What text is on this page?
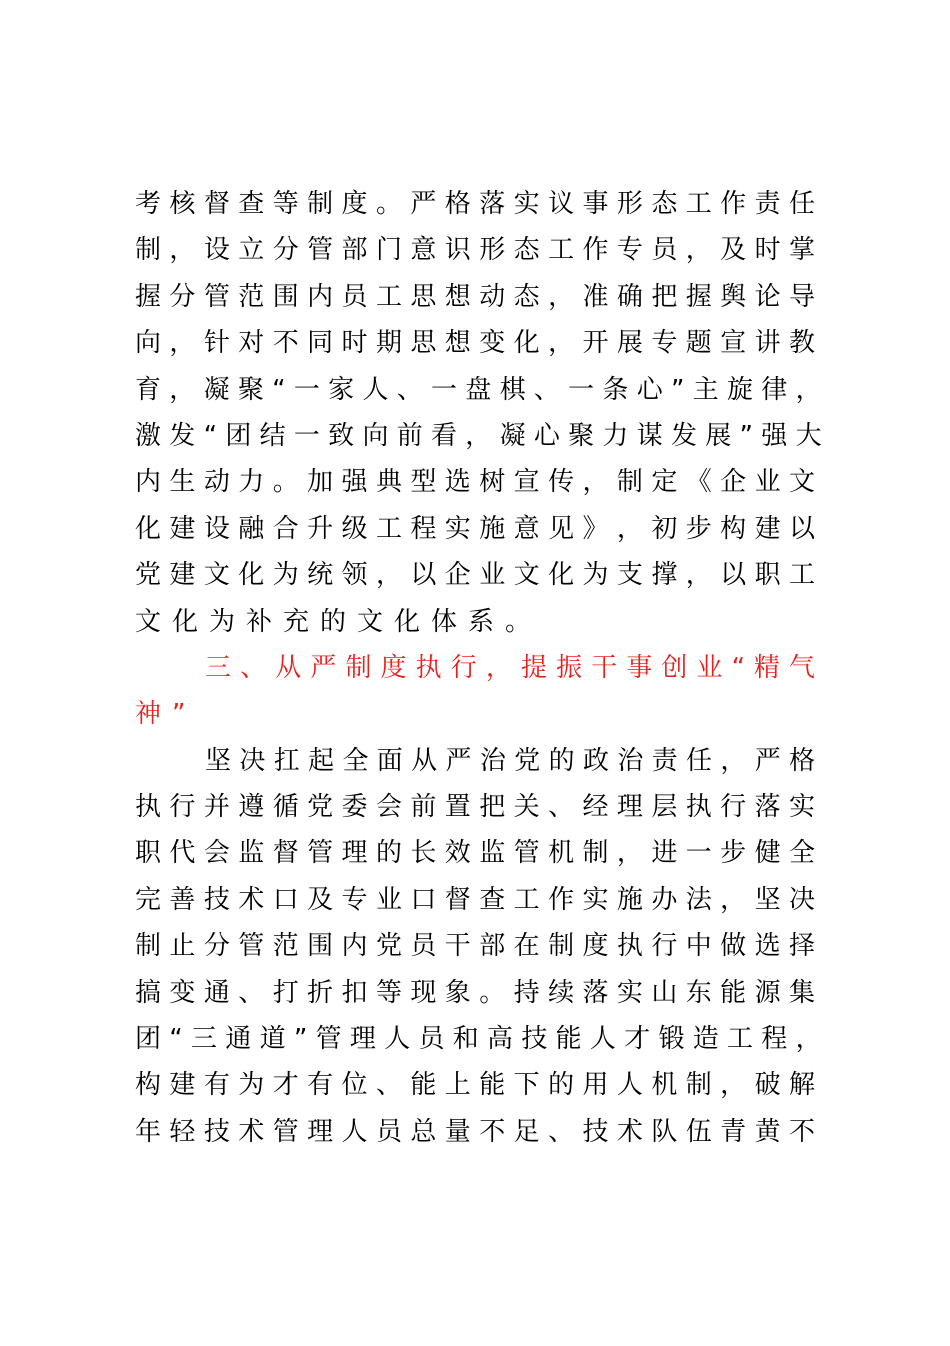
考 核 督 查 等 制 度 。 严 格 落 实 议 事 形 态 工 作 责 任
制 ， 设 立 分 管 部 门 意 识 形 态 工 作 专 员 ， 及 时 掌
握 分 管 范 围 内 员 工 思 想 动 态 ， 准 确 把 握 舆 论 导
向 ， 针 对 不 同 时 期 思 想 变 化 ， 开 展 专 题 宣 讲 教
育 ， 凝 聚 “ 一 家 人 、 一 盘 棋 、 一 条 心 ” 主 旋 律 ，
激 发 “ 团 结 一 致 向 前 看 ， 凝 心 聚 力 谋 发 展 ” 强 大
内 生 动 力 。 加 强 典 型 选 树 宣 传 ， 制 定 《 企 业 文
化 建 设 融 合 升 级 工 程 实 施 意 见 》 ， 初 步 构 建 以
党 建 文 化 为 统 领 ， 以 企 业 文 化 为 支 撑 ， 以 职 工
文化为补充的文化体系。
三 、 从 严 制 度 执 行 ， 提 振 干 事 创 业 “ 精 气
神”
坚 决 扛 起 全 面 从 严 治 党 的 政 治 责 任 ， 严 格
执 行 并 遵 循 党 委 会 前 置 把 关 、 经 理 层 执 行 落 实
职 代 会 监 督 管 理 的 长 效 监 管 机 制 ， 进 一 步 健 全
完 善 技 术 口 及 专 业 口 督 查 工 作 实 施 办 法 ， 坚 决
制 止 分 管 范 围 内 党 员 干 部 在 制 度 执 行 中 做 选 择
搞 变 通 、 打 折 扣 等 现 象 。 持 续 落 实 山 东 能 源 集
团 “ 三 通 道 ” 管 理 人 员 和 高 技 能 人 才 锻 造 工 程 ，
构 建 有 为 才 有 位 、 能 上 能 下 的 用 人 机 制 ， 破 解
年 轻 技 术 管 理 人 员 总 量 不 足 、 技 术 队 伍 青 黄 不
